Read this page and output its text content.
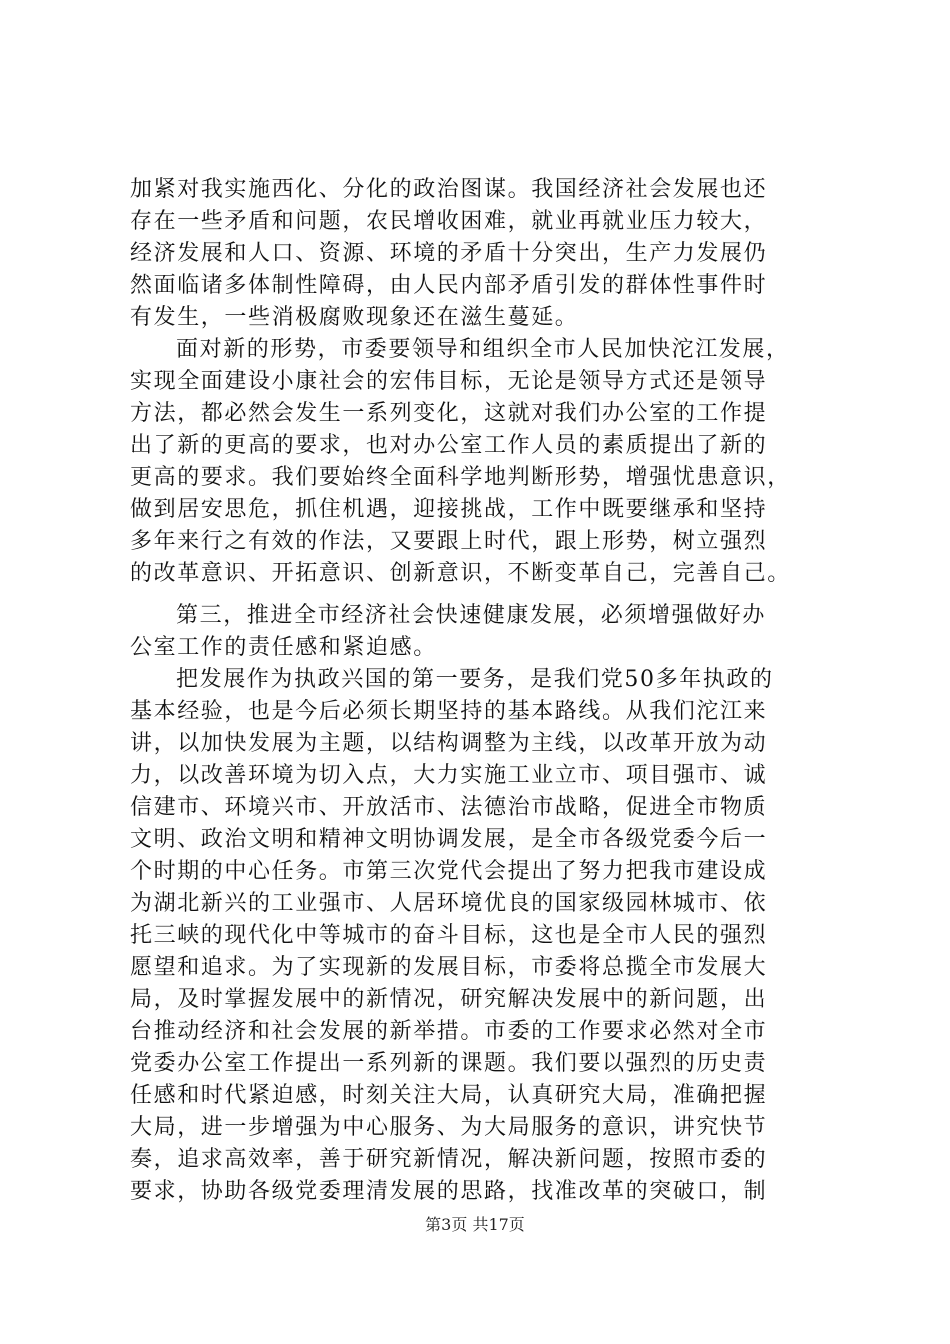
加紧对我实施西化、分化的政治图谋。我国经济社会发展也还
存在一些矛盾和问题，农民增收困难，就业再就业压力较大，
经济发展和人口、资源、环境的矛盾十分突出，生产力发展仍
然面临诸多体制性障碍，由人民内部矛盾引发的群体性事件时
有发生，一些消极腐败现象还在滋生蔓延。

面对新的形势，市委要领导和组织全市人民加快沱江发展，
实现全面建设小康社会的宏伟目标，无论是领导方式还是领导
方法，都必然会发生一系列变化，这就对我们办公室的工作提
出了新的更高的要求，也对办公室工作人员的素质提出了新的
更高的要求。我们要始终全面科学地判断形势，增强忧患意识，
做到居安思危，抓住机遇，迎接挑战，工作中既要继承和坚持
多年来行之有效的作法，又要跟上时代，跟上形势，树立强烈
的改革意识、开拓意识、创新意识，不断变革自己，完善自己。

第三，推进全市经济社会快速健康发展，必须增强做好办
公室工作的责任感和紧迫感。

把发展作为执政兴国的第一要务，是我们党50多年执政的
基本经验，也是今后必须长期坚持的基本路线。从我们沱江来
讲，以加快发展为主题，以结构调整为主线，以改革开放为动
力，以改善环境为切入点，大力实施工业立市、项目强市、诚
信建市、环境兴市、开放活市、法德治市战略，促进全市物质
文明、政治文明和精神文明协调发展，是全市各级党委今后一
个时期的中心任务。市第三次党代会提出了努力把我市建设成
为湖北新兴的工业强市、人居环境优良的国家级园林城市、依
托三峡的现代化中等城市的奋斗目标，这也是全市人民的强烈
愿望和追求。为了实现新的发展目标，市委将总揽全市发展大
局，及时掌握发展中的新情况，研究解决发展中的新问题，出
台推动经济和社会发展的新举措。市委的工作要求必然对全市
党委办公室工作提出一系列新的课题。我们要以强烈的历史责
任感和时代紧迫感，时刻关注大局，认真研究大局，准确把握
大局，进一步增强为中心服务、为大局服务的意识，讲究快节
奏，追求高效率，善于研究新情况，解决新问题，按照市委的
要求，协助各级党委理清发展的思路，找准改革的突破口，制

第3页 共17页
